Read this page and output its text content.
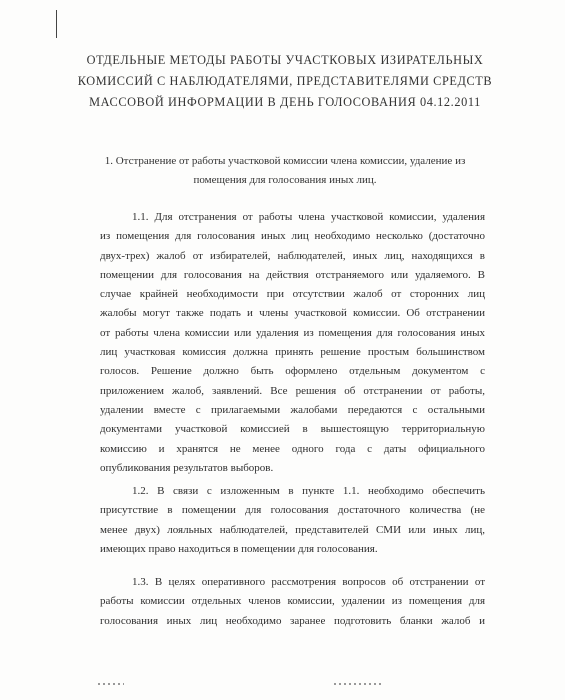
ОТДЕЛЬНЫЕ МЕТОДЫ РАБОТЫ УЧАСТКОВЫХ ИЗИРАТЕЛЬНЫХ
КОМИССИЙ С НАБЛЮДАТЕЛЯМИ, ПРЕДСТАВИТЕЛЯМИ СРЕДСТВ
МАССОВОЙ ИНФОРМАЦИИ В ДЕНЬ ГОЛОСОВАНИЯ 04.12.2011
1. Отстранение от работы участковой комиссии члена комиссии, удаление из
помещения для голосования иных лиц.
1.1. Для отстранения от работы члена участковой комиссии, удаления
из помещения для голосования иных лиц необходимо несколько (достаточно
двух-трех) жалоб от избирателей, наблюдателей, иных лиц, находящихся в
помещении для голосования на действия отстраняемого или удаляемого. В
случае крайней необходимости при отсутствии жалоб от сторонних лиц
жалобы могут также подать и члены участковой комиссии. Об отстранении
от работы члена комиссии или удаления из помещения для голосования иных
лиц участковая комиссия должна принять решение простым большинством
голосов. Решение должно быть оформлено отдельным документом с
приложением жалоб, заявлений. Все решения об отстранении от работы,
удалении вместе с прилагаемыми жалобами передаются с остальными
документами участковой комиссией в вышестоящую территориальную
комиссию и хранятся не менее одного года с даты официального
опубликования результатов выборов.
1.2. В связи с изложенным в пункте 1.1. необходимо обеспечить
присутствие в помещении для голосования достаточного количества (не
менее двух) лояльных наблюдателей, представителей СМИ или иных лиц,
имеющих право находиться в помещении для голосования.
1.3. В целях оперативного рассмотрения вопросов об отстранении от
работы комиссии отдельных членов комиссии, удалении из помещения для
голосования иных лиц необходимо заранее подготовить бланки жалоб и
